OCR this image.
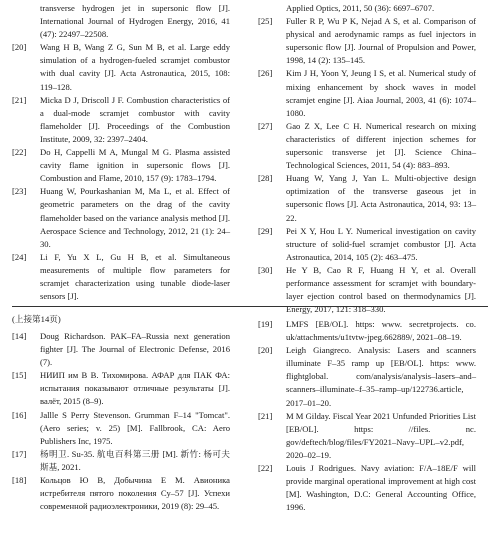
transverse hydrogen jet in supersonic flow [J]. International Journal of Hydrogen Energy, 2016, 41 (47): 22497–22508.
[20]	Wang H B, Wang Z G, Sun M B, et al. Large eddy simulation of a hydrogen-fueled scramjet combustor with dual cavity [J]. Acta Astronautica, 2015, 108: 119–128.
[21]	Micka D J, Driscoll J F. Combustion characteristics of a dual-mode scramjet combustor with cavity flameholder [J]. Proceedings of the Combustion Institute, 2009, 32: 2397–2404.
[22]	Do H, Cappelli M A, Mungal M G. Plasma assisted cavity flame ignition in supersonic flows [J]. Combustion and Flame, 2010, 157 (9): 1783–1794.
[23]	Huang W, Pourkashanian M, Ma L, et al. Effect of geometric parameters on the drag of the cavity flameholder based on the variance analysis method [J]. Aerospace Science and Technology, 2012, 21 (1): 24–30.
[24]	Li F, Yu X L, Gu H B, et al. Simultaneous measurements of multiple flow parameters for scramjet characterization using tunable diode-laser sensors [J].
Applied Optics, 2011, 50 (36): 6697–6707.
[25]	Fuller R P, Wu P K, Nejad A S, et al. Comparison of physical and aerodynamic ramps as fuel injectors in supersonic flow [J]. Journal of Propulsion and Power, 1998, 14 (2): 135–145.
[26]	Kim J H, Yoon Y, Jeung I S, et al. Numerical study of mixing enhancement by shock waves in model scramjet engine [J]. Aiaa Journal, 2003, 41 (6): 1074–1080.
[27]	Gao Z X, Lee C H. Numerical research on mixing characteristics of different injection schemes for supersonic transverse jet [J]. Science China–Technological Sciences, 2011, 54 (4): 883–893.
[28]	Huang W, Yang J, Yan L. Multi-objective design optimization of the transverse gaseous jet in supersonic flows [J]. Acta Astronautica, 2014, 93: 13–22.
[29]	Pei X Y, Hou L Y. Numerical investigation on cavity structure of solid-fuel scramjet combustor [J]. Acta Astronautica, 2014, 105 (2): 463–475.
[30]	He Y B, Cao R F, Huang H Y, et al. Overall performance assessment for scramjet with boundary-layer ejection control based on thermodynamics [J]. Energy, 2017, 121: 318–330.
(上接第14页)
[14]	Doug Richardson. PAK–FA–Russia next generation fighter [J]. The Journal of Electronic Defense, 2016 (7).
[15]	НИИП им В В. Тихомирова. АФАР для ПАК ФА: испытания показывают отличные результаты [J]. вaлёт, 2015 (8–9).
[16]	Jallle S Perry Stevenson. Grumman F–14 "Tomcat". (Aero series; v. 25) [M]. Fallbrook, CA: Aero Publishers Inc, 1975.
[17]	杨明卫. Su-35. 航电百科第三册 [M]. 新竹: 杨可夫斯基, 2021.
[18]	Кольцов Ю В, Добычина Е М. Авионика истребителя пятого поколения Су–57 [J]. Успехи современной радиоэлектроники, 2019 (8): 29–45.
[19]	LMFS [EB/OL]. https: www. secretprojects. co. uk/attachments/u1tvtw-jpeg.662889/, 2021–08–19.
[20]	Leigh Giangreco. Analysis: Lasers and scanners illuminate F–35 ramp up [EB/OL]. https: www. flightglobal. com/analysis/analysis–lasers–and–scanners–illuminate–f–35–ramp–up/122736.article, 2017–01–20.
[21]	M M Gilday. Fiscal Year 2021 Unfunded Priorities List [EB/OL]. https: //files. nc. gov/deftech/blog/files/FY2021–Navy–UPL–v2.pdf, 2020–02–19.
[22]	Louis J Rodrigues. Navy aviation: F/A–18E/F will provide marginal operational improvement at high cost [M]. Washington, D.C: General Accounting Office, 1996.
